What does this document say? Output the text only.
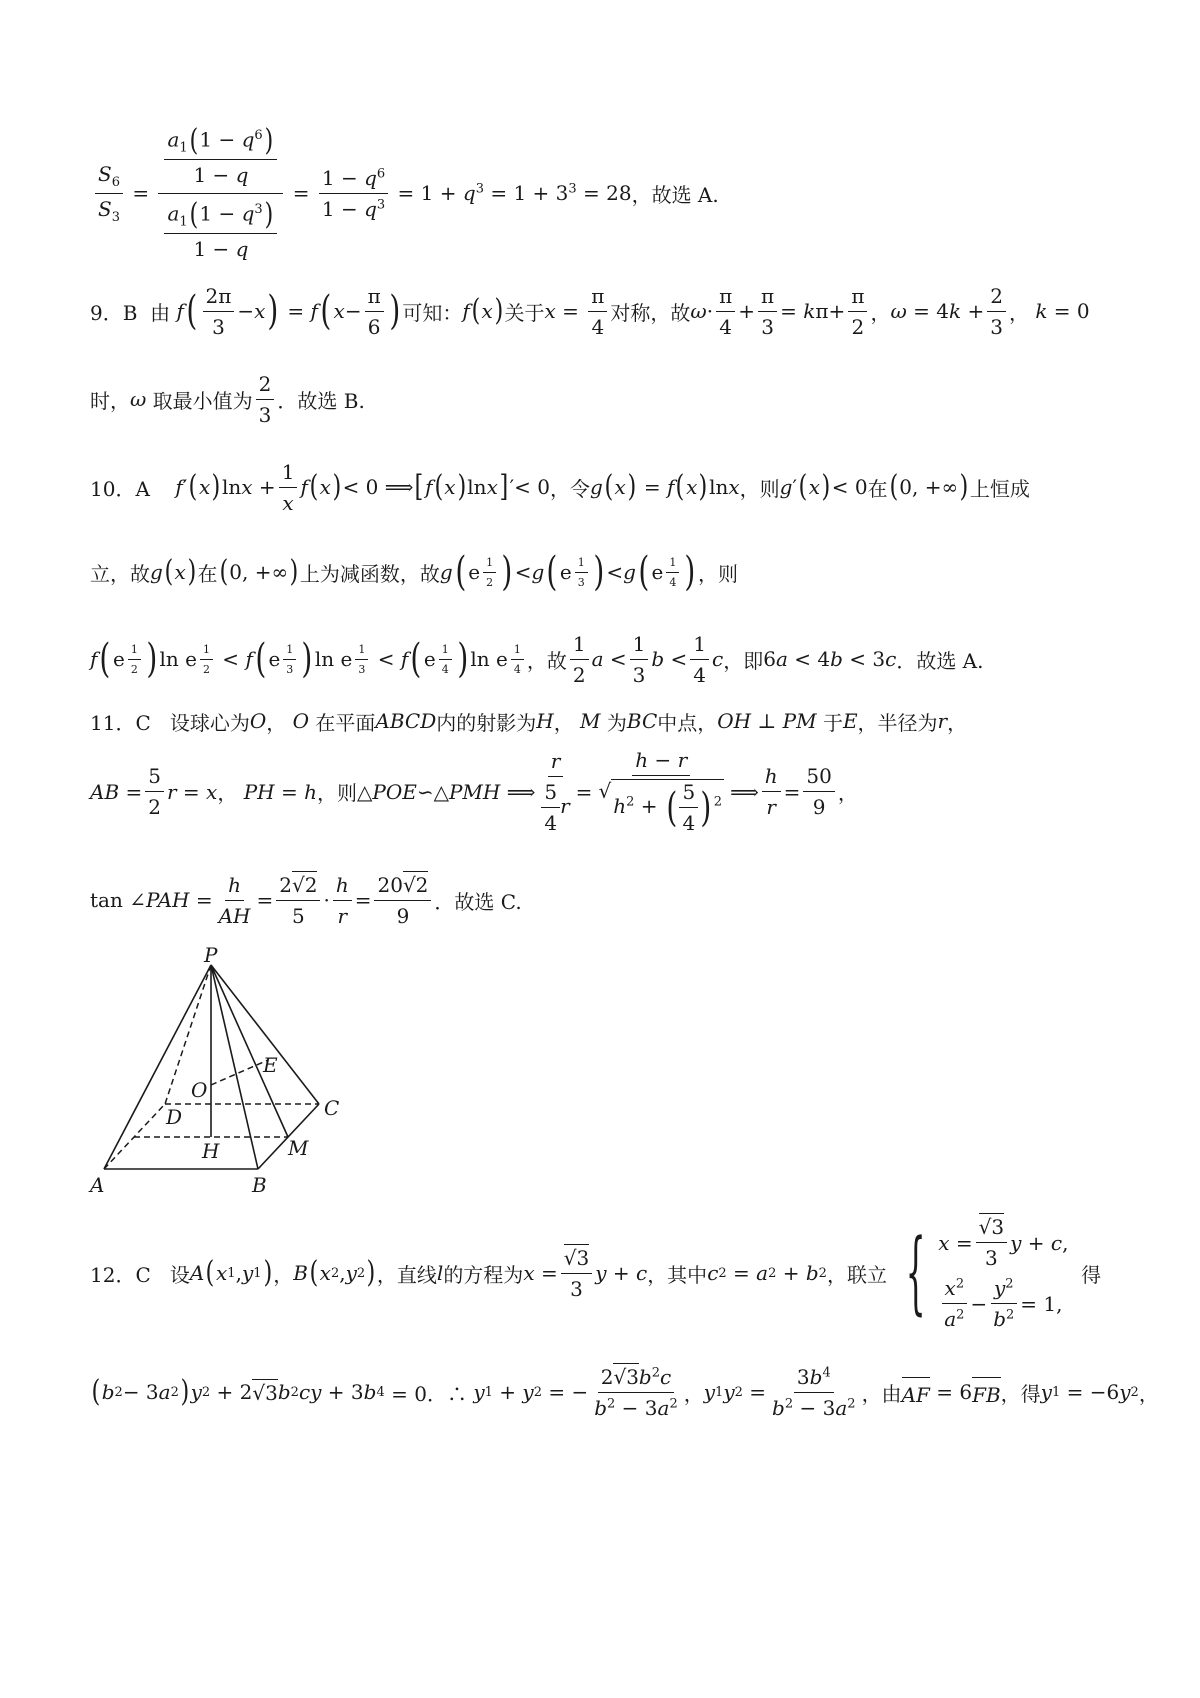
$\frac{S_6}{S_3} = \frac{\frac{a_1(1 - q^6)}{1 - q}}{\frac{a_1(1 - q^3)}{1 - q}} = \frac{1 - q^6}{1 - q^3} = 1 + q^3 = 1 + 3^3 = 28$ ，故选 A.
9．B
由
f ( $\frac{2\pi}{3} - x$ ) = f ( $x - \frac{\pi}{6}$ ) 可知： f ( x ) 关于 $x = \frac{\pi}{4}$ 对称，故 $\omega \cdot \frac{\pi}{4} + \frac{\pi}{3} = k$ $\pi+ \frac{\pi}{2}$ ， ω = 4 $k + \frac{2}{3}$ ， k = 0
时， ω
取最小值为 $\frac{2}{3}$ ．故选 B.
10．A
f ′ ( x ) $\ln x + \frac{1}{x}$ f ( x ) < 0 ⟹ [ f ( x ) ln x ] ′< 0 ，令 g ( x ) = f ( x ) ln x ，则 g ′ ( x ) < 0 在 ( 0, +∞ ) 上恒成
立，故 g ( x ) 在 ( 0, +∞ ) 上为减函数，故 g ( e $\frac{1}{2}$ ) < g ( e $\frac{1}{3}$ ) < g ( e $\frac{1}{4}$ ) ，则
f ( e $\frac{1}{2}$ ) ln e $\frac{1}{2} < f$ ( e $\frac{1}{3}$ ) ln e $\frac{1}{3} < f$ ( e $\frac{1}{4}$ ) ln e $\frac{1}{4}$ ，故 $\frac{1}{2}$ $a < \frac{1}{3}$ $b < \frac{1}{4}$ c ，即 6 a < 4 b < 3 c ．故选 A.
11．C
设球心为 O ， O
在平面 ABCD 内的射影为 H ， M
为 BC 中点， OH ⊥ PM
于 E ，半径为 r ，
AB = $\frac{5}{2}$ r = x ， PH = h ，则 △ POE ∽△ PMH ⟹ $\frac{r}{\frac{5}{4} r} = h - r$
√
$h^2$ + ( $\frac{5}{4}$ ) $^2$ ⟹ $\frac{h}{r} = \frac{50}{9}$ ，
tan ∠ PAH = $\frac{h}{AH} = \frac{2√2}{5} \cdot \frac{h}{r} = \frac{20√2}{9}$ ．故选 C.
P
E
O
C
D
M
H
A	B
12．C
设 A ( x 1 , y 1 ) ， B ( x 2 , y 2 ) ，直线 l 的方程为 $x = \frac{√3}{3}$ y + c ，其中 c 2 = a 2 + b 2 ，联立 { $x = \frac{√3}{3}$ y + c ,
$\frac{x^2}{a^2} - \frac{y^2}{b^2} = 1$,

得
( b 2 − 3 a 2 ) y 2 + 2 √3 b 2 cy + 3 b 4 = 0．∴ y 1 + y 2 = − $\frac{2√3b^2c}{b^2 - 3a^2}$ ， y 1 y $2 = \frac{3b^4}{b^2 - 3a^2}$ ，由 AF = 6 FB ，得 y 1 = −6 y 2 ，
